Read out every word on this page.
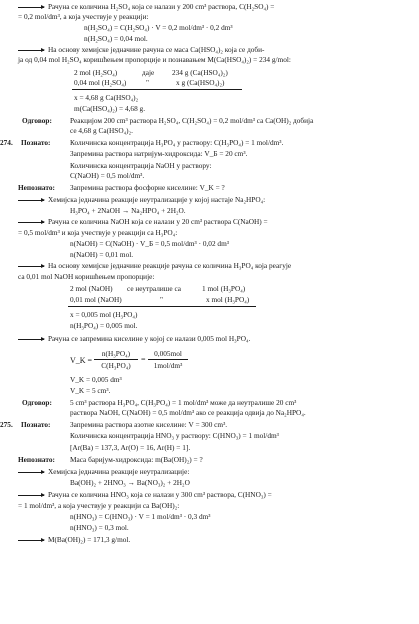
Рачуна се количина H₂SO₄ која се налази у 200 cm³ раствора, C(H₂SO₄) =
= 0,2 mol/dm³, а која учествује у реакцији:
n(H₂SO₄) = C(H₂SO₄) · V = 0,2 mol/dm³ · 0,2 dm³
n(H₂SO₄) = 0,04 mol.
На основу хемијске једначине рачуна се маса Ca(HSO₄)₂ која се доби-
ја од 0,04 mol H₂SO₄ коришћењем пропорције и познавањем M(Ca(HSO₄)₂) = 234 g/mol:
2 mol (H₂SO₄)	даје 234 g (Ca(HSO₄)₂)
0,04 mol (H₂SO₄)	"	x g (Ca(HSO₄)₂)
x = 4,68 g Ca(HSO₄)₂
m(Ca(HSO₄)₂) = 4,68 g.
Одговор: Реакцијом 200 cm³ раствора H₂SO₄, C(H₂SO₄) = 0,2 mol/dm³ са Ca(OH)₂ добија
се 4,68 g Ca(HSO₄)₂.
274. Познато:	Количинска концентрација H₃PO₄ у раствору: C(H₃PO₄) = 1 mol/dm³.
Запремина раствора натријум-хидроксида: V_Б = 20 cm³.
Количинска концентрација NaOH у раствору:
C(NaOH) = 0,5 mol/dm³.
Непознато: Запремина раствора фосфорне киселине: V_K = ?
Хемијска једначина реакције неутрализације у којој настаје Na₂HPO₄:
H₃PO₄ + 2NaOH → Na₂HPO₄ + 2H₂O.
Рачуна се количина NaOH која се налази у 20 cm³ раствора C(NaOH) =
= 0,5 mol/dm³ и која учествује у реакцији са H₃PO₄:
n(NaOH) = C(NaOH) · V_Б = 0,5 mol/dm³ · 0,02 dm³
n(NaOH) = 0,01 mol.
На основу хемијске једначине реакције рачуна се количина H₃PO₄ која реагује
са 0,01 mol NaOH коришћењем пропорције:
2 mol (NaOH) се неутралише са	1 mol (H₃PO₄)
0,01 mol (NaOH)	"	x mol (H₃PO₄)
x = 0,005 mol (H₃PO₄)
n(H₃PO₄) = 0,005 mol.
Рачуна се запремина киселине у којој се налази 0,005 mol H₃PO₄.
V_K =
n(H₃PO₄)
C(H₃PO₄)
=
0,005mol
1mol/dm³
V_K = 0,005 dm³
V_K = 5 cm³.
Одговор: 5 cm³ раствора H₃PO₄, C(H₃PO₄) = 1 mol/dm³ може да неутралише 20 cm³
раствора NaOH, C(NaOH) = 0,5 mol/dm³ ако се реакција одвија до Na₂HPO₄.
275. Познато:	Запремина раствора азотне киселине: V = 300 cm³.
Количинска концентрација HNO₃ у раствору: C(HNO₃) = 1 mol/dm³
[Ar(Ba) = 137,3, Ar(O) = 16, Ar(H) = 1].
Непознато: Маса баријум-хидроксида: m(Ba(OH)₂) = ?
Хемијска једначина реакције неутрализације:
Ba(OH)₂ + 2HNO₃ → Ba(NO₃)₂ + 2H₂O
Рачуна се количина HNO₃ која се налази у 300 cm³ раствора, C(HNO₃) =
= 1 mol/dm³, а која учествује у реакцији са Ba(OH)₂:
n(HNO₃) = C(HNO₃) · V = 1 mol/dm³ · 0,3 dm³
n(HNO₃) = 0,3 mol.
M(Ba(OH)₂) = 171,3 g/mol.
